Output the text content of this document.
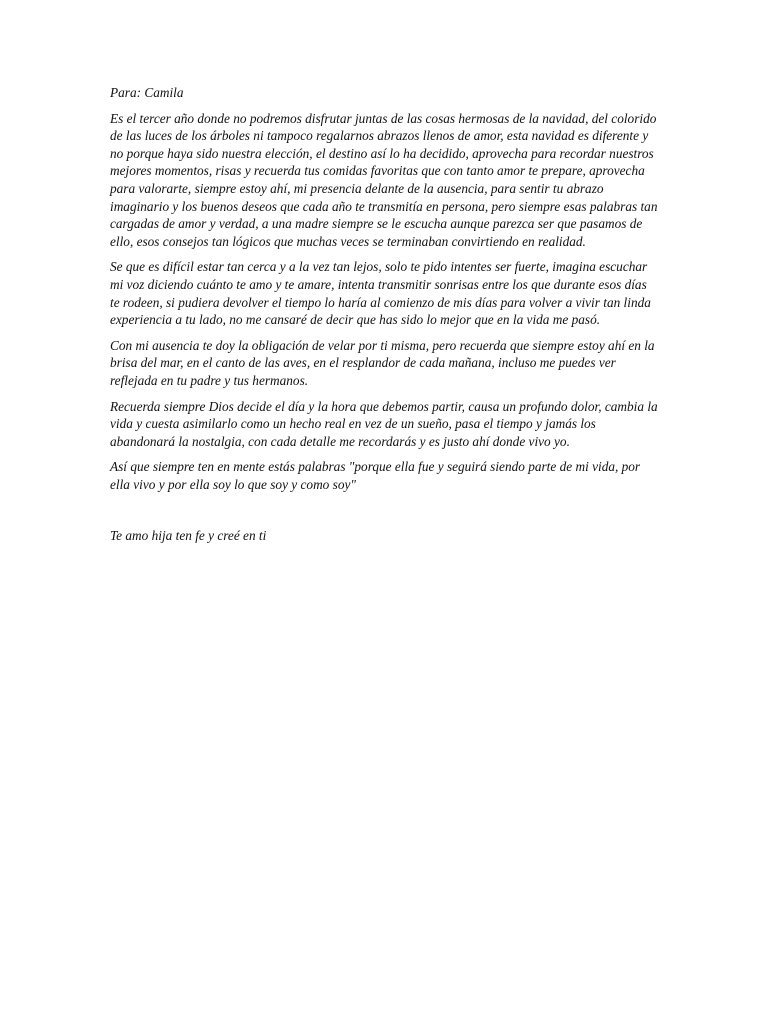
Para: Camila

Es el tercer año donde no podremos disfrutar juntas de las cosas hermosas de la navidad, del colorido de las luces de los árboles ni tampoco regalarnos abrazos llenos de amor, esta navidad es diferente y no porque haya sido nuestra elección, el destino así lo ha decidido, aprovecha para recordar nuestros mejores momentos, risas y recuerda tus comidas favoritas que con tanto amor te prepare, aprovecha para valorarte, siempre estoy ahí, mi presencia delante de la ausencia, para sentir tu abrazo imaginario y los buenos deseos que cada año te transmitía en persona, pero siempre esas palabras tan cargadas de amor y verdad, a una madre siempre se le escucha aunque parezca ser que pasamos de ello, esos consejos tan lógicos que muchas veces se terminaban convirtiendo en realidad.

Se que es difícil estar tan cerca y a la vez tan lejos, solo te pido intentes ser fuerte, imagina escuchar mi voz diciendo cuánto te amo y te amare, intenta transmitir sonrisas entre los que durante esos días te rodeen, si pudiera devolver el tiempo lo haría al comienzo de mis días para volver a vivir tan linda experiencia a tu lado, no me cansaré de decir que has sido lo mejor que en la vida me pasó.

Con mi ausencia te doy la obligación de velar por ti misma, pero recuerda que siempre estoy ahí en la brisa del mar, en el canto de las aves, en el resplandor de cada mañana, incluso me puedes ver reflejada en tu padre y tus hermanos.

Recuerda siempre Dios decide el día y la hora que debemos partir, causa un profundo dolor, cambia la vida y cuesta asimilarlo como un hecho real en vez de un sueño, pasa el tiempo y jamás los abandonará la nostalgia, con cada detalle me recordarás y es justo ahí donde vivo yo.

Así que siempre ten en mente estás palabras "porque ella fue y seguirá siendo parte de mi vida, por ella vivo y por ella soy lo que soy y como soy"

Te amo hija ten fe y creé en ti
